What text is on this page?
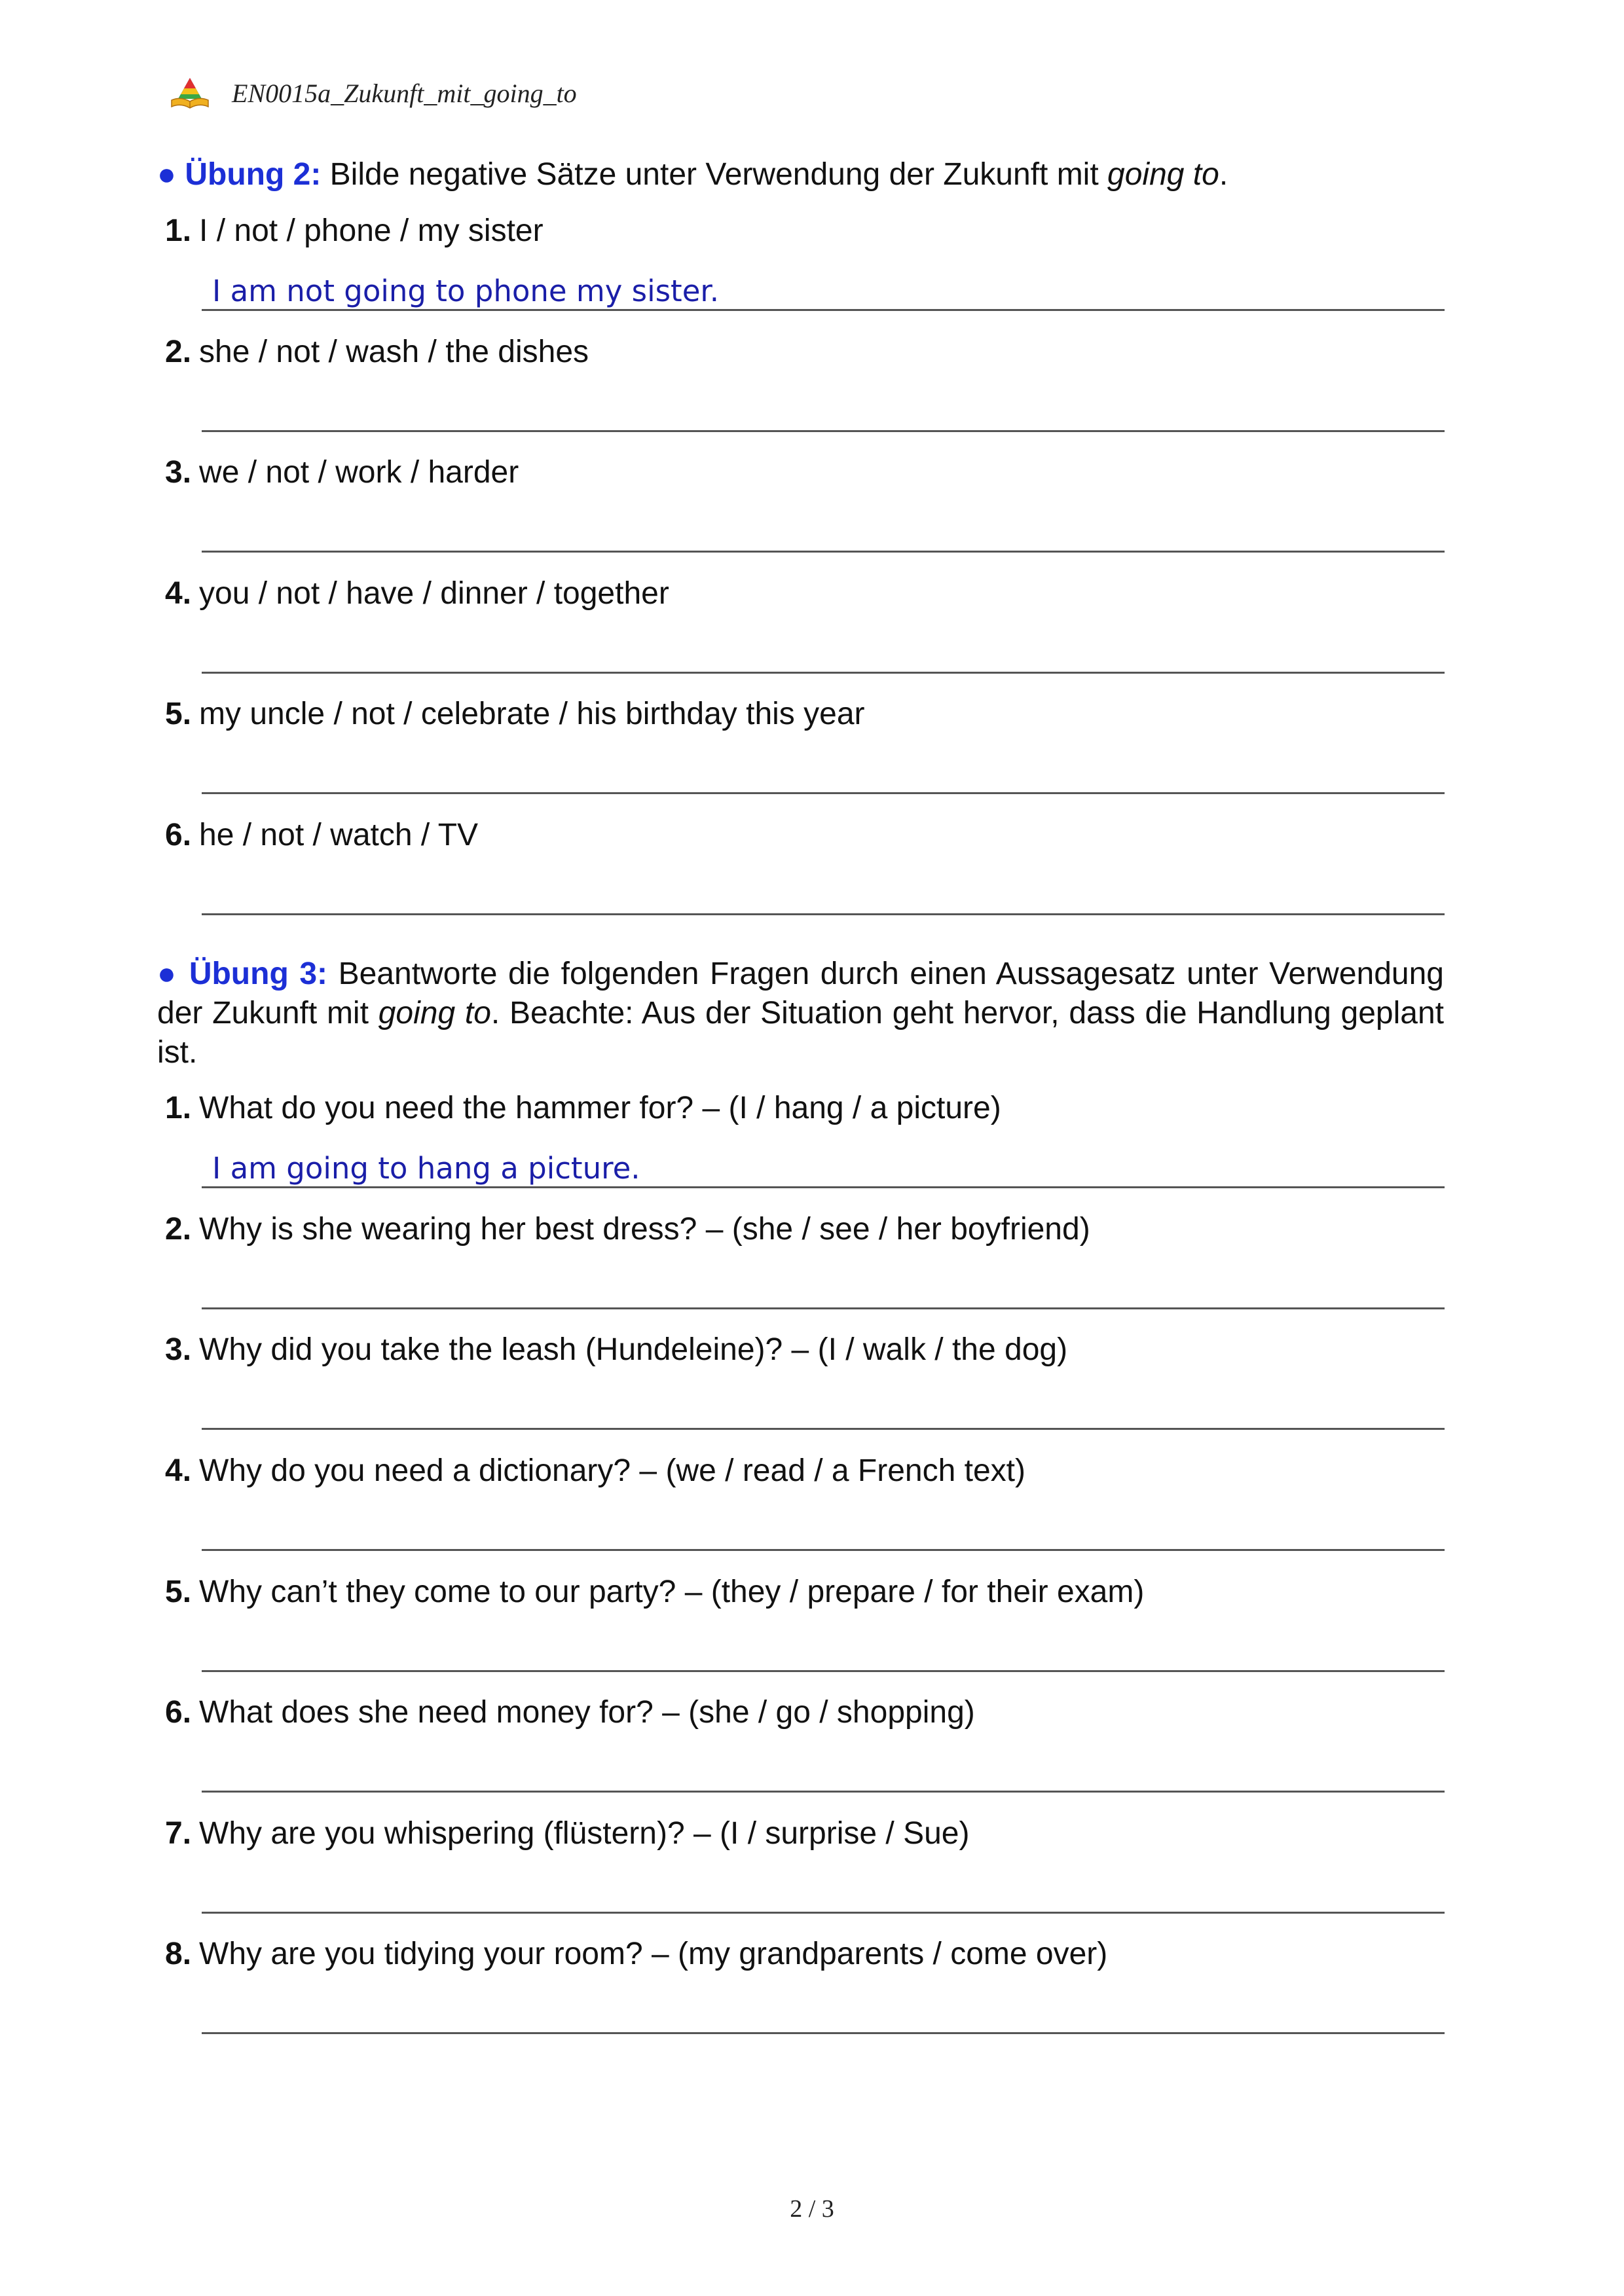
EN0015a_Zukunft_mit_going_to
● Übung 2: Bilde negative Sätze unter Verwendung der Zukunft mit going to.
1. I / not / phone / my sister
I am not going to phone my sister.
2. she / not / wash / the dishes
3. we / not / work / harder
4. you / not / have / dinner / together
5. my uncle / not / celebrate / his birthday this year
6. he / not / watch / TV
● Übung 3: Beantworte die folgenden Fragen durch einen Aussagesatz unter Verwendung der Zukunft mit going to. Beachte: Aus der Situation geht hervor, dass die Handlung geplant ist.
1. What do you need the hammer for? – (I / hang / a picture)
I am going to hang a picture.
2. Why is she wearing her best dress? – (she / see / her boyfriend)
3. Why did you take the leash (Hundeleine)? – (I / walk / the dog)
4. Why do you need a dictionary? – (we / read / a French text)
5. Why can’t they come to our party? – (they / prepare / for their exam)
6. What does she need money for? – (she / go / shopping)
7. Why are you whispering (flüstern)? – (I / surprise / Sue)
8. Why are you tidying your room? – (my grandparents / come over)
2 / 3
